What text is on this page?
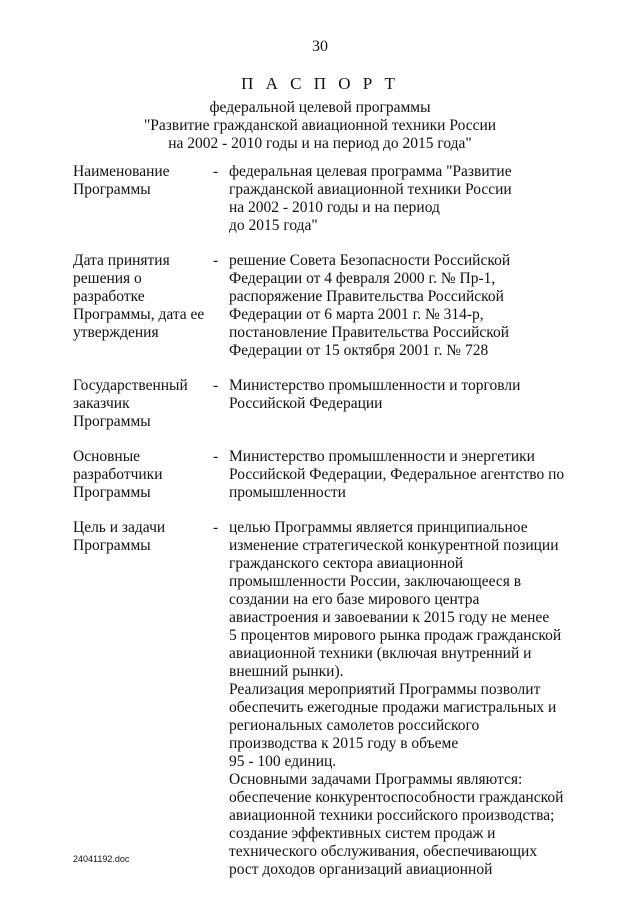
30
П А С П О Р Т
федеральной целевой программы
"Развитие гражданской авиационной техники России
на 2002 - 2010 годы и на период до 2015 года"
Наименование
Программы
- федеральная целевая программа "Развитие
гражданской авиационной техники России
на 2002 - 2010 годы и на период
до 2015 года"
Дата принятия
решения о
разработке
Программы, дата ее
утверждения
- решение Совета Безопасности Российской
Федерации от 4 февраля 2000 г. № Пр-1,
распоряжение Правительства Российской
Федерации от 6 марта 2001 г. № 314-р,
постановление Правительства Российской
Федерации от 15 октября 2001 г. № 728
Государственный
заказчик
Программы
- Министерство промышленности и торговли
Российской Федерации
Основные
разработчики
Программы
- Министерство промышленности и энергетики
Российской Федерации, Федеральное агентство по
промышленности
Цель и задачи
Программы
- целью Программы является принципиальное
изменение стратегической конкурентной позиции
гражданского сектора авиационной
промышленности России, заключающееся в
создании на его базе мирового центра
авиастроения и завоевании к 2015 году не менее
5 процентов мирового рынка продаж гражданской
авиационной техники (включая внутренний и
внешний рынки).
Реализация мероприятий Программы позволит
обеспечить ежегодные продажи магистральных и
региональных самолетов российского
производства к 2015 году в объеме
95 - 100 единиц.
Основными задачами Программы являются:
обеспечение конкурентоспособности гражданской
авиационной техники российского производства;
создание эффективных систем продаж и
технического обслуживания, обеспечивающих
рост доходов организаций авиационной
24041192.doc
